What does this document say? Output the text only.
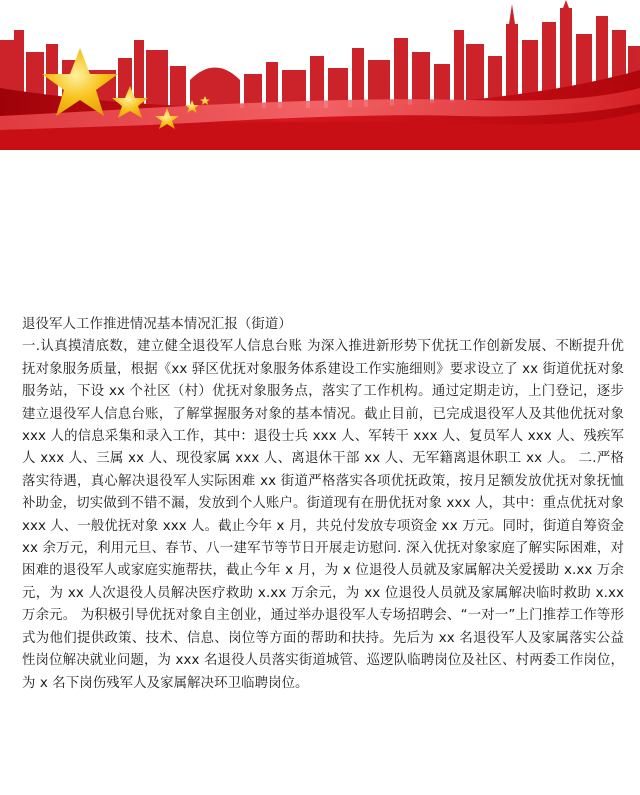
退役军人工作推进情况基本情况汇报（街道）

一.认真摸清底数，建立健全退役军人信息台账 为深入推进新形势下优抚工作创新发展、不断提升优抚对象服务质量，根据《xx 驿区优抚对象服务体系建设工作实施细则》要求设立了 xx 街道优抚对象服务站，下设 xx 个社区（村）优抚对象服务点，落实了工作机构。通过定期走访，上门登记，逐步建立退役军人信息台账，了解掌握服务对象的基本情况。截止目前，已完成退役军人及其他优抚对象 xxx 人的信息采集和录入工作，其中：退役士兵 xxx 人、军转干 xxx 人、复员军人 xxx 人、残疾军人 xxx 人、三属 xx 人、现役家属 xxx 人、离退休干部 xx 人、无军籍离退休职工 xx 人。 二.严格落实待遇，真心解决退役军人实际困难 xx 街道严格落实各项优抚政策，按月足额发放优抚对象抚恤补助金，切实做到不错不漏，发放到个人账户。街道现有在册优抚对象 xxx 人，其中：重点优抚对象 xxx 人、一般优抚对象 xxx 人。截止今年 x 月，共兑付发放专项资金 xx 万元。同时，街道自筹资金 xx 余万元，利用元旦、春节、八一建军节等节日开展走访慰问. 深入优抚对象家庭了解实际困难，对困难的退役军人或家庭实施帮扶，截止今年 x 月，为 x 位退役人员就及家属解决关爱援助 x.xx 万余元，为 xx 人次退役人员解决医疗救助 x.xx 万余元，为 xx 位退役人员就及家属解决临时救助 x.xx 万余元。 为积极引导优抚对象自主创业，通过举办退役军人专场招聘会、“一对一”上门推荐工作等形式为他们提供政策、技术、信息、岗位等方面的帮助和扶持。先后为 xx 名退役军人及家属落实公益性岗位解决就业问题，为 xxx 名退役人员落实街道城管、巡逻队临聘岗位及社区、村两委工作岗位，为 x 名下岗伤残军人及家属解决环卫临聘岗位。
